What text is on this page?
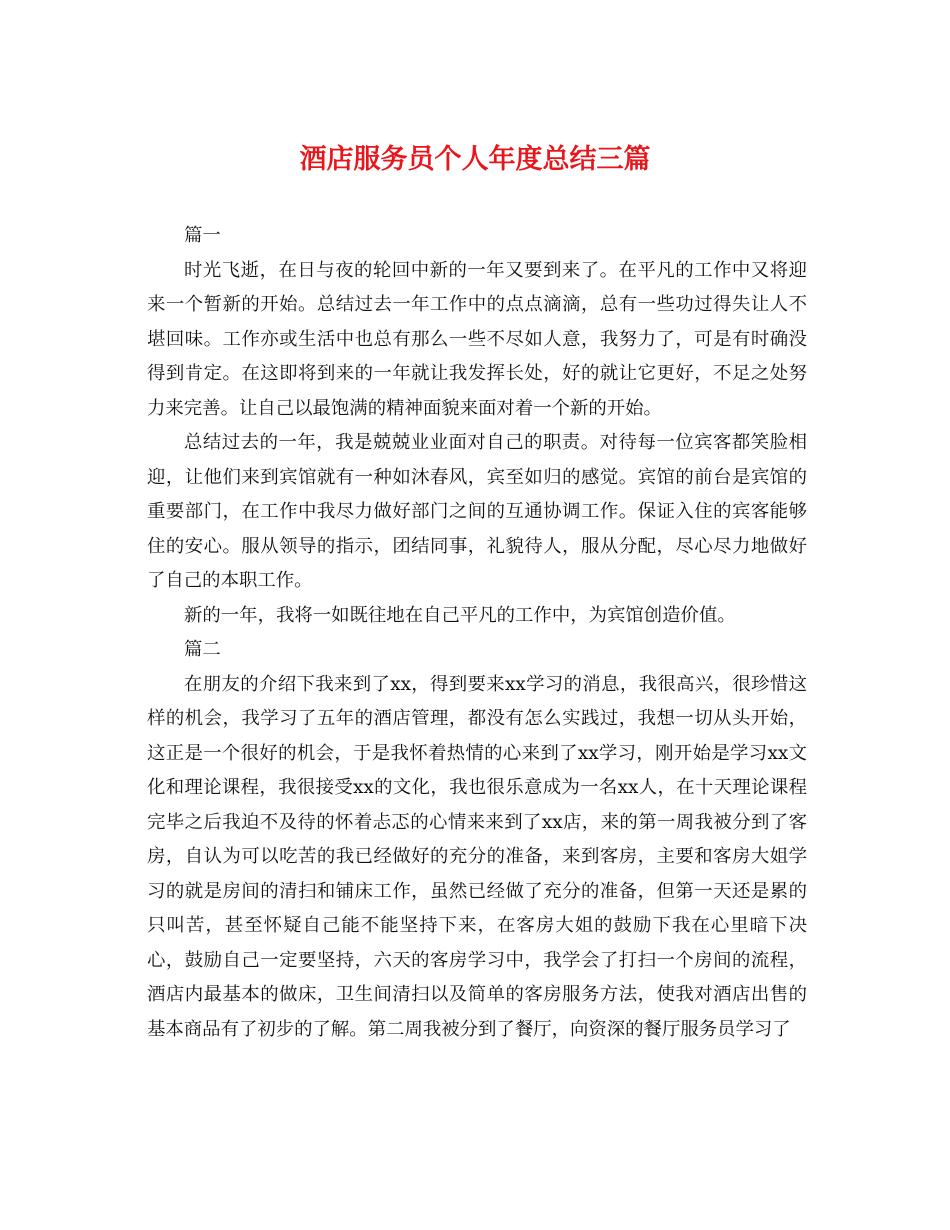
酒店服务员个人年度总结三篇

篇一

时光飞逝，在日与夜的轮回中新的一年又要到来了。在平凡的工作中又将迎来一个暂新的开始。总结过去一年工作中的点点滴滴，总有一些功过得失让人不堪回味。工作亦或生活中也总有那么一些不尽如人意，我努力了，可是有时确没得到肯定。在这即将到来的一年就让我发挥长处，好的就让它更好，不足之处努力来完善。让自己以最饱满的精神面貌来面对着一个新的开始。

总结过去的一年，我是兢兢业业面对自己的职责。对待每一位宾客都笑脸相迎，让他们来到宾馆就有一种如沐春风，宾至如归的感觉。宾馆的前台是宾馆的重要部门，在工作中我尽力做好部门之间的互通协调工作。保证入住的宾客能够住的安心。服从领导的指示，团结同事，礼貌待人，服从分配，尽心尽力地做好了自己的本职工作。

新的一年，我将一如既往地在自己平凡的工作中，为宾馆创造价值。

篇二

在朋友的介绍下我来到了xx，得到要来xx学习的消息，我很高兴，很珍惜这样的机会，我学习了五年的酒店管理，都没有怎么实践过，我想一切从头开始，这正是一个很好的机会，于是我怀着热情的心来到了xx学习，刚开始是学习xx文化和理论课程，我很接受xx的文化，我也很乐意成为一名xx人，在十天理论课程完毕之后我迫不及待的怀着忐忑的心情来来到了xx店，来的第一周我被分到了客房，自认为可以吃苦的我已经做好的充分的准备，来到客房，主要和客房大姐学习的就是房间的清扫和铺床工作，虽然已经做了充分的准备，但第一天还是累的只叫苦，甚至怀疑自己能不能坚持下来，在客房大姐的鼓励下我在心里暗下决心，鼓励自己一定要坚持，六天的客房学习中，我学会了打扫一个房间的流程，酒店内最基本的做床，卫生间清扫以及简单的客房服务方法，使我对酒店出售的基本商品有了初步的了解。第二周我被分到了餐厅，向资深的餐厅服务员学习了
